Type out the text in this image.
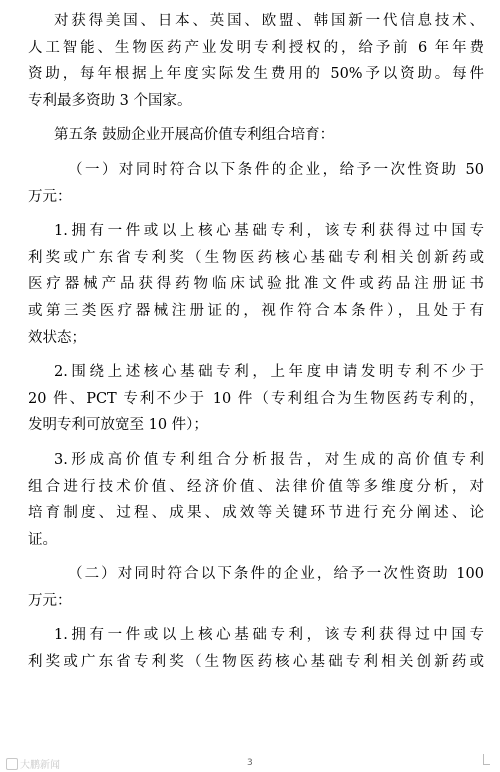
对获得美国、日本、英国、欧盟、韩国新一代信息技术、
人工智能、生物医药产业发明专利授权的，给予前 6 年年费
资助，每年根据上年度实际发生费用的 50%予以资助。每件
专利最多资助 3 个国家。
第五条 鼓励企业开展高价值专利组合培育：
（一）对同时符合以下条件的企业，给予一次性资助 50
万元：
1.拥有一件或以上核心基础专利，该专利获得过中国专
利奖或广东省专利奖（生物医药核心基础专利相关创新药或
医疗器械产品获得药物临床试验批准文件或药品注册证书
或第三类医疗器械注册证的，视作符合本条件），且处于有
效状态；
2.围绕上述核心基础专利，上年度申请发明专利不少于
20 件、PCT 专利不少于 10 件（专利组合为生物医药专利的，
发明专利可放宽至 10 件）；
3.形成高价值专利组合分析报告，对生成的高价值专利
组合进行技术价值、经济价值、法律价值等多维度分析，对
培育制度、过程、成果、成效等关键环节进行充分阐述、论
证。
（二）对同时符合以下条件的企业，给予一次性资助 100
万元：
1.拥有一件或以上核心基础专利，该专利获得过中国专
利奖或广东省专利奖（生物医药核心基础专利相关创新药或
大鹏新闻	3
